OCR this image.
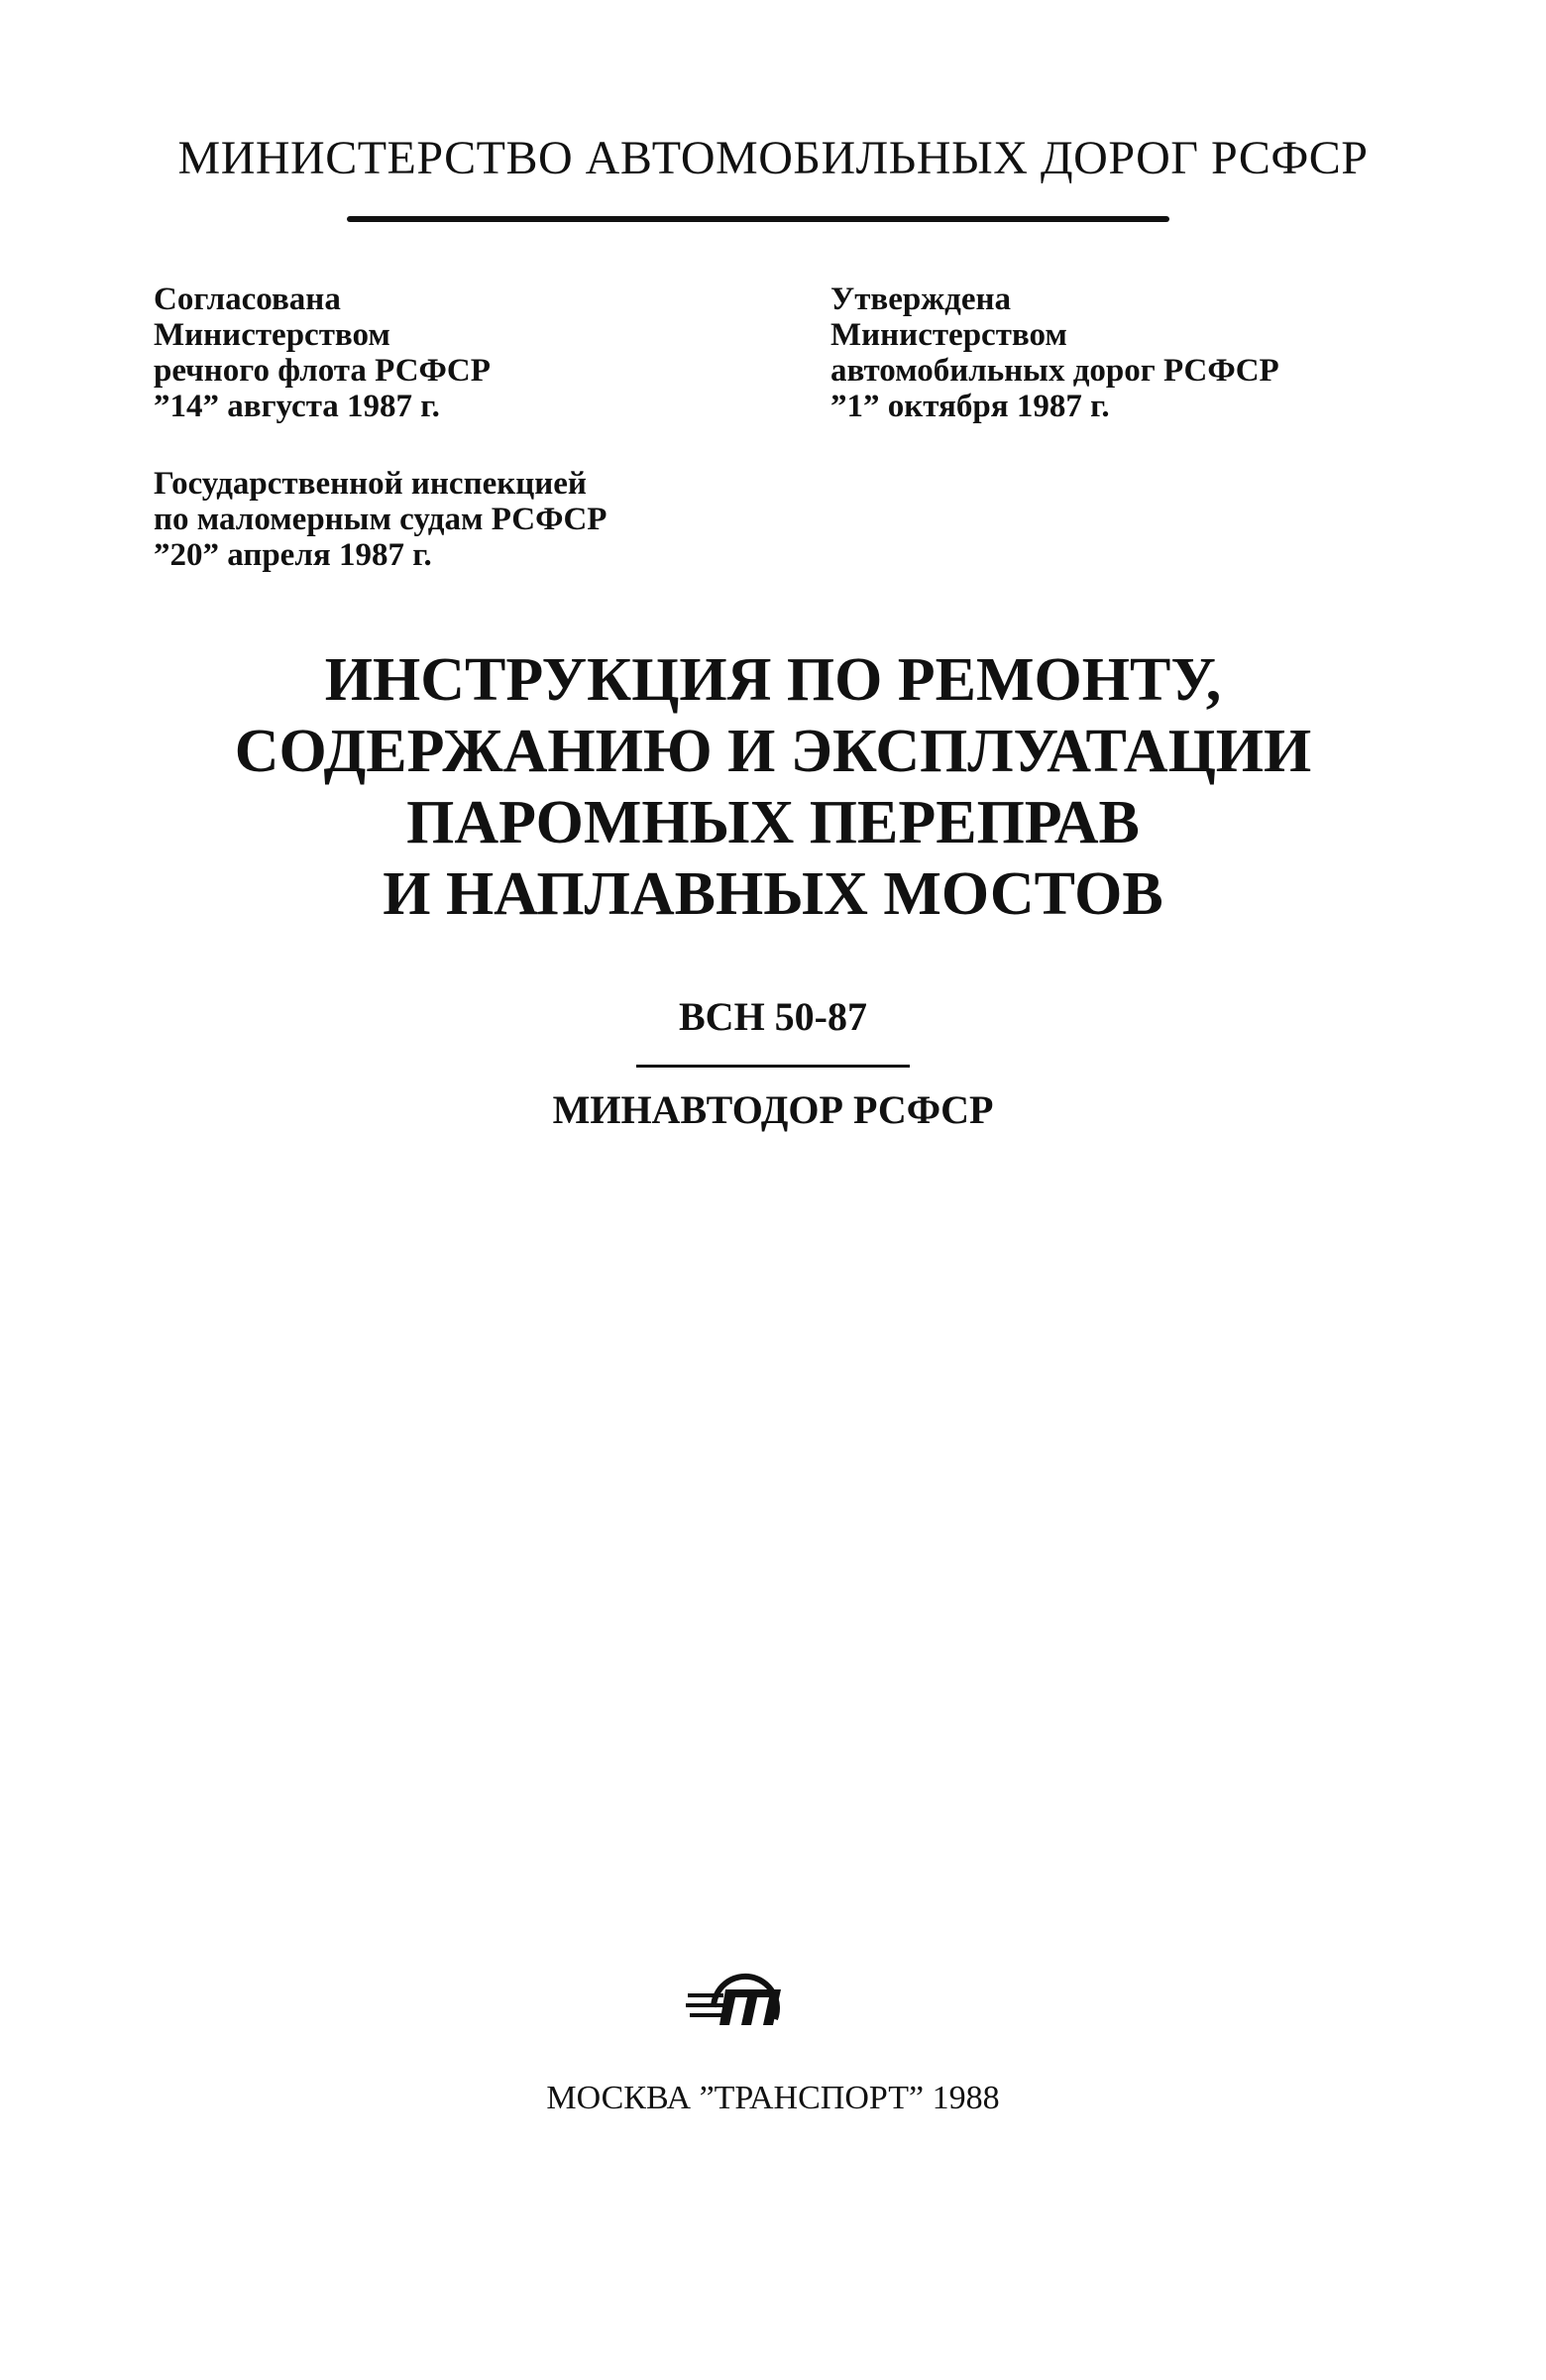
МИНИСТЕРСТВО АВТОМОБИЛЬНЫХ ДОРОГ РСФСР
Согласована
Министерством
речного флота РСФСР
”14” августа 1987 г.
Утверждена
Министерством
автомобильных дорог РСФСР
”1” октября 1987 г.
Государственной инспекцией
по маломерным судам РСФСР
”20” апреля 1987 г.
ИНСТРУКЦИЯ ПО РЕМОНТУ,
СОДЕРЖАНИЮ И ЭКСПЛУАТАЦИИ
ПАРОМНЫХ ПЕРЕПРАВ
И НАПЛАВНЫХ МОСТОВ
ВСН 50-87
МИНАВТОДОР РСФСР
МОСКВА ”ТРАНСПОРТ” 1988
